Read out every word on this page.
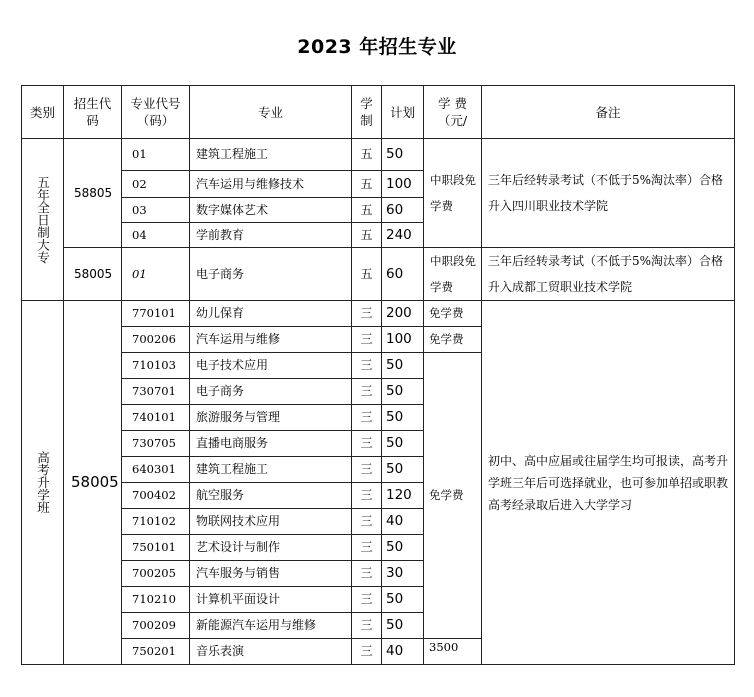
2023 年招生专业
类别	招生代码	专业代号（码）	专业	学制	计划	学 费（元/	备注

五年全日制大专	58805	01	建筑工程施工	五	50	中职段免学费	三年后经转录考试（不低于5%淘汰率）合格升入四川职业技术学院
		02	汽车运用与维修技术	五	100		
		03	数字媒体艺术	五	60		
		04	学前教育	五	240		
	58005	01	电子商务	五	60	中职段免学费	三年后经转录考试（不低于5%淘汰率）合格升入成都工贸职业技术学院

高考升学班	58005	770101	幼儿保育	三	200	免学费	初中、高中应届或往届学生均可报读，高考升学班三年后可选择就业，也可参加单招或职教高考经录取后进入大学学习
		700206	汽车运用与维修	三	100	免学费	
		710103	电子技术应用	三	50	免学费	
		730701	电子商务	三	50		
		740101	旅游服务与管理	三	50		
		730705	直播电商服务	三	50		
		640301	建筑工程施工	三	50		
		700402	航空服务	三	120		
		710102	物联网技术应用	三	40		
		750101	艺术设计与制作	三	50		
		700205	汽车服务与销售	三	30		
		710210	计算机平面设计	三	50		
		700209	新能源汽车运用与维修	三	50		
		750201	音乐表演	三	40	3500	
